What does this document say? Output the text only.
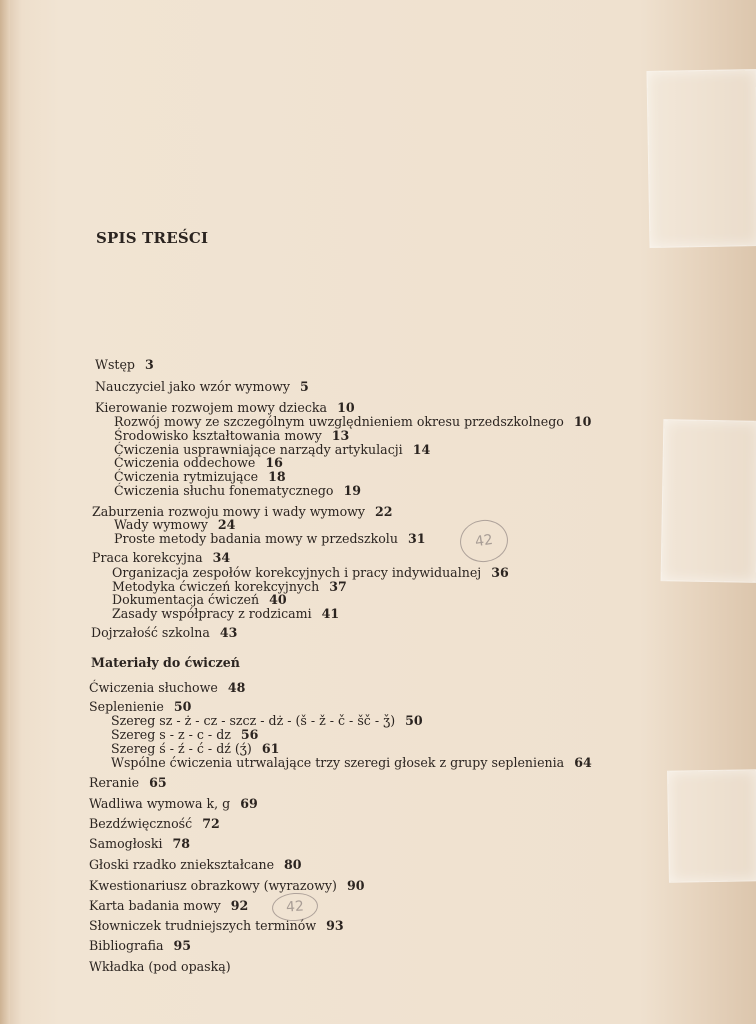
SPIS TREŚCI
Wstęp 3
Nauczyciel jako wzór wymowy 5
Kierowanie rozwojem mowy dziecka 10
Rozwój mowy ze szczególnym uwzględnieniem okresu przedszkolnego 10
Środowisko kształtowania mowy 13
Ćwiczenia usprawniające narządy artykulacji 14
Ćwiczenia oddechowe 16
Ćwiczenia rytmizujące 18
Ćwiczenia słuchu fonematycznego 19
Zaburzenia rozwoju mowy i wady wymowy 22
Wady wymowy 24
Proste metody badania mowy w przedszkolu 31
Praca korekcyjna 34
Organizacja zespołów korekcyjnych i pracy indywidualnej 36
Metodyka ćwiczeń korekcyjnych 37
Dokumentacja ćwiczeń 40
Zasady współpracy z rodzicami 41
Dojrzałość szkolna 43
Materiały do ćwiczeń
Ćwiczenia słuchowe 48
Seplenienie 50
Szereg sz - ż - cz - szcz - dż - (š - ž - č - šč - ǯ) 50
Szereg s - z - c - dz 56
Szereg ś - ź - ć - dź (ʒ́) 61
Wspólne ćwiczenia utrwalające trzy szeregi głosek z grupy seplenienia 64
Reranie 65
Wadliwa wymowa k, g 69
Bezdźwięczność 72
Samogłoski 78
Głoski rzadko zniekształcane 80
Kwestionariusz obrazkowy (wyrazowy) 90
Karta badania mowy 92
Słowniczek trudniejszych terminów 93
Bibliografia 95
Wkładka (pod opaską)
42
42
